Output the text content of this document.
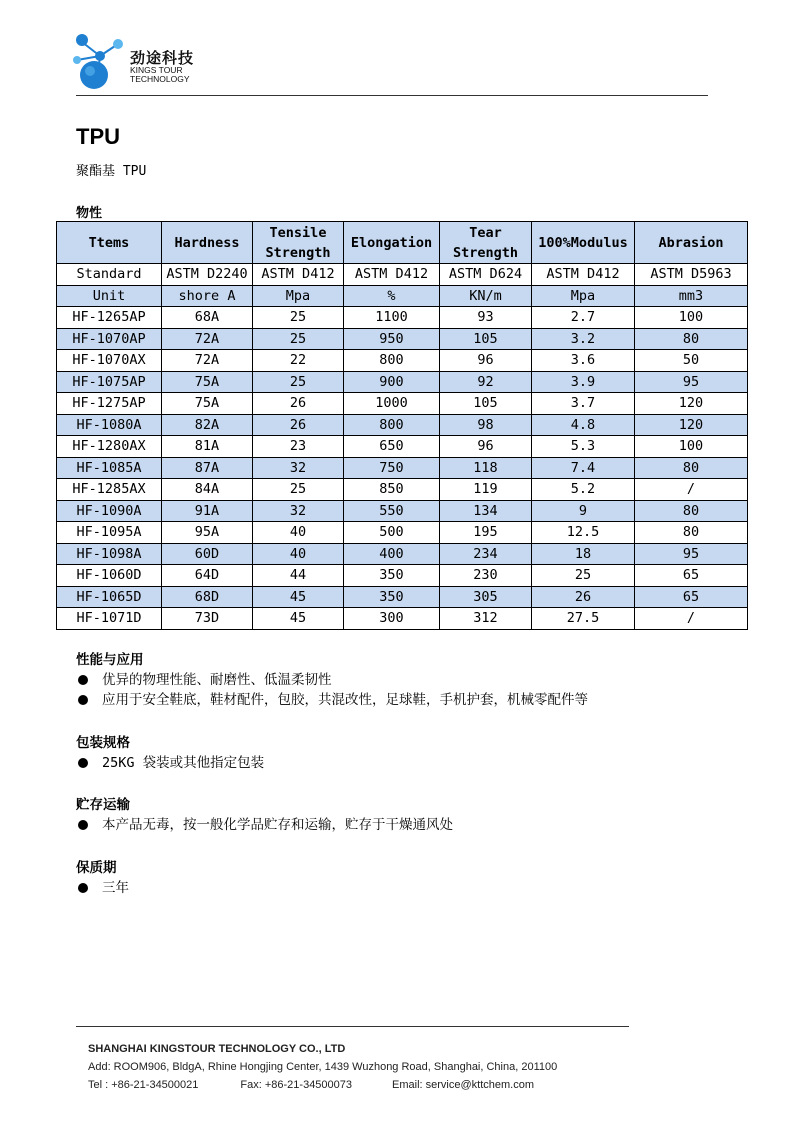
劲途科技
KINGS TOUR
TECHNOLOGY
TPU
聚酯基 TPU
物性
Ttems	Hardness	Tensile Strength	Elongation	Tear Strength	100%Modulus	Abrasion
Standard	ASTM D2240	ASTM D412	ASTM D412	ASTM D624	ASTM D412	ASTM D5963
Unit	shore A	Mpa	%	KN/m	Mpa	mm3
HF-1265AP	68A	25	1100	93	2.7	100
HF-1070AP	72A	25	950	105	3.2	80
HF-1070AX	72A	22	800	96	3.6	50
HF-1075AP	75A	25	900	92	3.9	95
HF-1275AP	75A	26	1000	105	3.7	120
HF-1080A	82A	26	800	98	4.8	120
HF-1280AX	81A	23	650	96	5.3	100
HF-1085A	87A	32	750	118	7.4	80
HF-1285AX	84A	25	850	119	5.2	/
HF-1090A	91A	32	550	134	9	80
HF-1095A	95A	40	500	195	12.5	80
HF-1098A	60D	40	400	234	18	95
HF-1060D	64D	44	350	230	25	65
HF-1065D	68D	45	350	305	26	65
HF-1071D	73D	45	300	312	27.5	/
性能与应用
优异的物理性能、耐磨性、低温柔韧性
应用于安全鞋底，鞋材配件，包胶，共混改性，足球鞋，手机护套，机械零配件等
包装规格
25KG 袋装或其他指定包装
贮存运输
本产品无毒，按一般化学品贮存和运输，贮存于干燥通风处
保质期
三年
SHANGHAI KINGSTOUR TECHNOLOGY CO., LTD
Add: ROOM906, BldgA, Rhine Hongjing Center, 1439 Wuzhong Road, Shanghai, China, 201100
Tel : +86-21-34500021	Fax: +86-21-34500073	Email: service@kttchem.com
